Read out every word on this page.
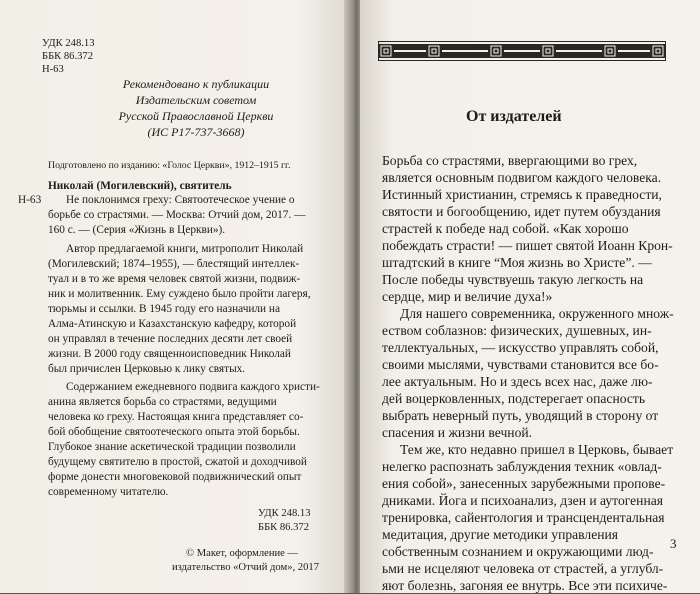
УДК 248.13
ББК 86.372
Н-63
Рекомендовано к публикации
Издательским советом
Русской Православной Церкви
(ИС Р17-737-3668)
Подготовлено по изданию: «Голос Церкви», 1912–1915 гг.
Николай (Могилевский), святитель
Н-63 Не поклонимся греху: Святоотеческое учение о
борьбе со страстями. — Москва: Отчий дом, 2017. —
160 с. — (Серия «Жизнь в Церкви»).
Автор предлагаемой книги, митрополит Николай
(Могилевский; 1874–1955), — блестящий интеллек-
туал и в то же время человек святой жизни, подвиж-
ник и молитвенник. Ему суждено было пройти лагеря,
тюрьмы и ссылки. В 1945 году его назначили на
Алма-Атинскую и Казахстанскую кафедру, которой
он управлял в течение последних десяти лет своей
жизни. В 2000 году священноисповедник Николай
был причислен Церковью к лику святых.
Содержанием ежедневного подвига каждого христи-
анина является борьба со страстями, ведущими
человека ко греху. Настоящая книга представляет со-
бой обобщение святоотеческого опыта этой борьбы.
Глубокое знание аскетической традиции позволили
будущему святителю в простой, сжатой и доходчивой
форме донести многовековой подвижнический опыт
современному читателю.
УДК 248.13
ББК 86.372
© Макет, оформление —
издательство «Отчий дом», 2017
От издателей
Борьба со страстями, ввергающими во грех,
является основным подвигом каждого человека.
Истинный христианин, стремясь к праведности,
святости и богообщению, идет путем обуздания
страстей к победе над собой. «Как хорошо
побеждать страсти! — пишет святой Иоанн Крон-
штадтский в книге “Моя жизнь во Христе”. —
После победы чувствуешь такую легкость на
сердце, мир и величие духа!»
Для нашего современника, окруженного множ-
еством соблазнов: физических, душевных, ин-
теллектуальных, — искусство управлять собой,
своими мыслями, чувствами становится все бо-
лее актуальным. Но и здесь всех нас, даже лю-
дей воцерковленных, подстерегает опасность
выбрать неверный путь, уводящий в сторону от
спасения и жизни вечной.
Тем же, кто недавно пришел в Церковь, бывает
нелегко распознать заблуждения техник «овлад-
ения собой», занесенных зарубежными пропове-
дниками. Йога и психоанализ, дзен и аутогенная
тренировка, сайентология и трансцендентальная
медитация, другие методики управления
собственным сознанием и окружающими люд-
ьми не исцеляют человека от страстей, а углубл-
яют болезнь, загоняя ее внутрь. Все эти психиче-
3
